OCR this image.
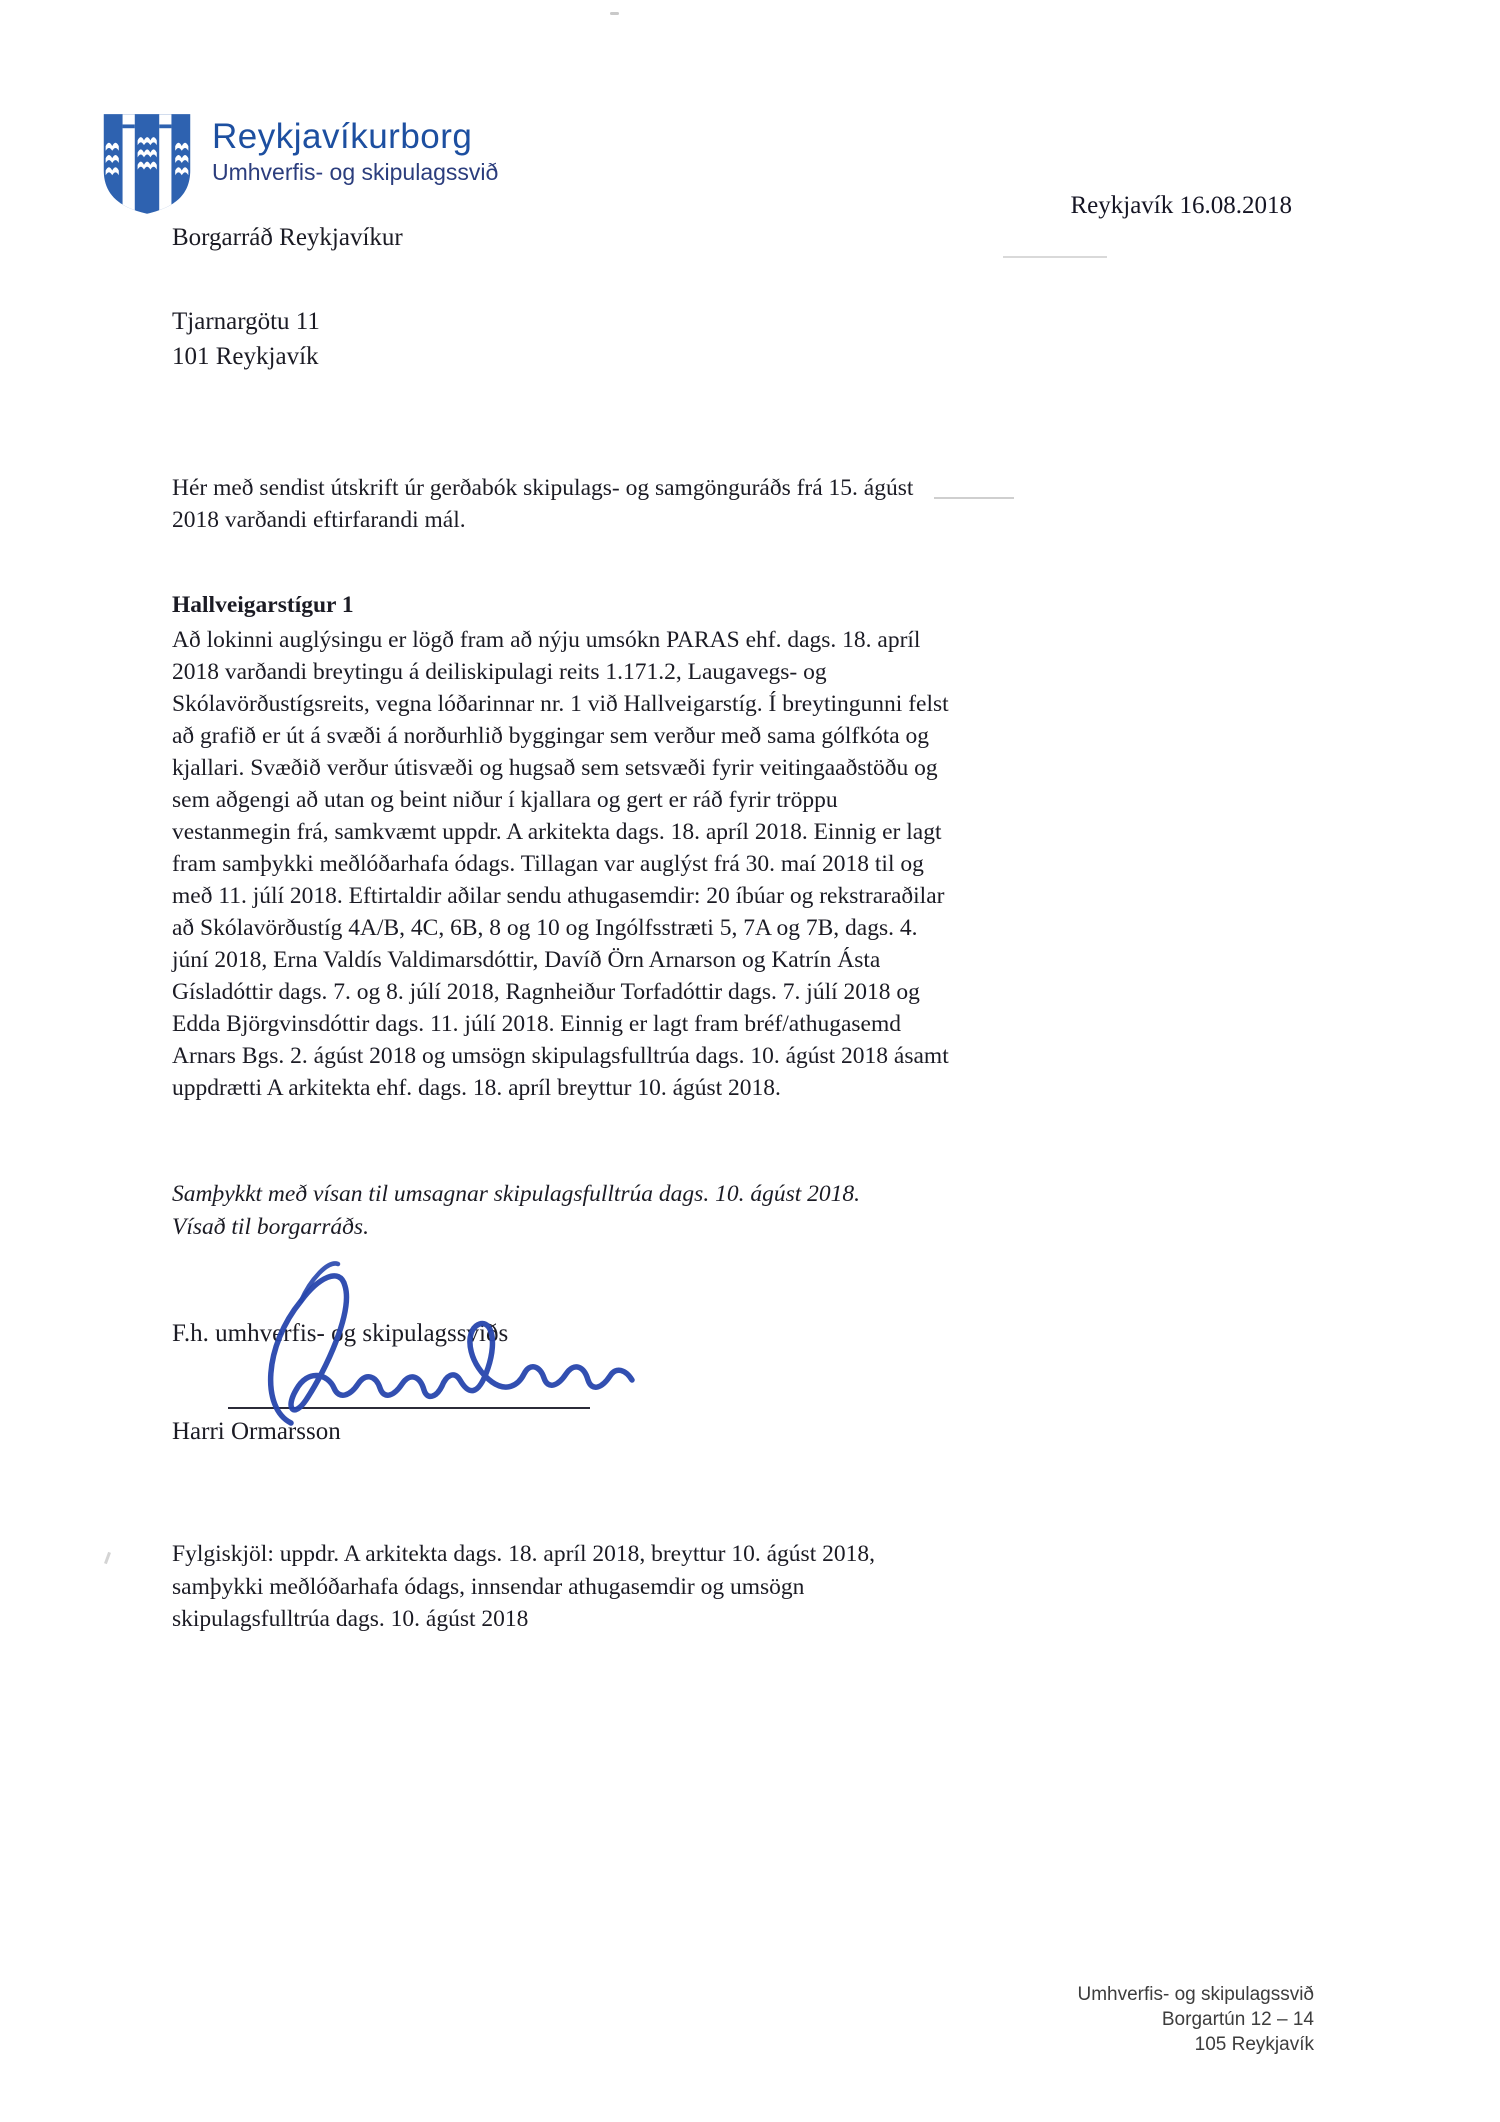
Reykjavíkurborg
Umhverfis- og skipulagssvið
Reykjavík 16.08.2018

Borgarráð Reykjavíkur

Tjarnargötu 11

101 Reykjavík

Hér með sendist útskrift úr gerðabók skipulags- og samgönguráðs frá 15. ágúst 2018 varðandi eftirfarandi mál.
Hallveigarstígur 1
Að lokinni auglýsingu er lögð fram að nýju umsókn PARAS ehf. dags. 18. apríl 2018 varðandi breytingu á deiliskipulagi reits 1.171.2, Laugavegs- og Skólavörðustígsreits, vegna lóðarinnar nr. 1 við Hallveigarstíg. Í breytingunni felst að grafið er út á svæði á norðurhlið byggingar sem verður með sama gólfkóta og kjallari. Svæðið verður útisvæði og hugsað sem setsvæði fyrir veitingaaðstöðu og sem aðgengi að utan og beint niður í kjallara og gert er ráð fyrir tröppu vestanmegin frá, samkvæmt uppdr. A arkitekta dags. 18. apríl 2018. Einnig er lagt fram samþykki meðlóðarhafa ódags. Tillagan var auglýst frá 30. maí 2018 til og með 11. júlí 2018. Eftirtaldir aðilar sendu athugasemdir: 20 íbúar og rekstraraðilar að Skólavörðustíg 4A/B, 4C, 6B, 8 og 10 og Ingólfsstræti 5, 7A og 7B, dags. 4. júní 2018, Erna Valdís Valdimarsdóttir, Davíð Örn Arnarson og Katrín Ásta Gísladóttir dags. 7. og 8. júlí 2018, Ragnheiður Torfadóttir dags. 7. júlí 2018 og Edda Björgvinsdóttir dags. 11. júlí 2018. Einnig er lagt fram bréf/athugasemd Arnars Bgs. 2. ágúst 2018 og umsögn skipulagsfulltrúa dags. 10. ágúst 2018 ásamt uppdrætti A arkitekta ehf. dags. 18. apríl breyttur 10. ágúst 2018.
Samþykkt með vísan til umsagnar skipulagsfulltrúa dags. 10. ágúst 2018.
Vísað til borgarráðs.
F.h. umhverfis- og skipulagssviðs
Harri Ormarsson
Fylgiskjöl: uppdr. A arkitekta dags. 18. apríl 2018, breyttur 10. ágúst 2018, samþykki meðlóðarhafa ódags, innsendar athugasemdir og umsögn skipulagsfulltrúa dags. 10. ágúst 2018
Umhverfis- og skipulagssvið
Borgartún 12 – 14
105 Reykjavík
